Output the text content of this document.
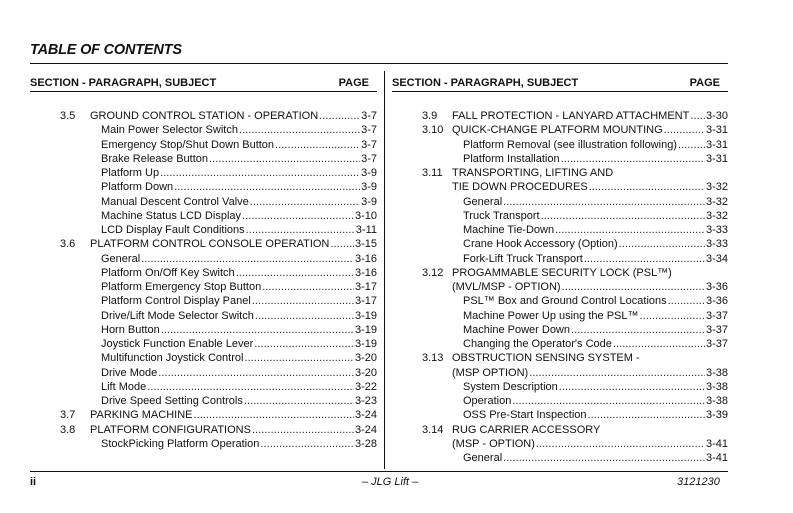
TABLE OF CONTENTS
SECTION - PARAGRAPH, SUBJECT	PAGE
3.5	GROUND CONTROL STATION - OPERATION . . .	3-7
Main Power Selector Switch . . .	3-7
Emergency Stop/Shut Down Button . . .	3-7
Brake Release Button . . .	3-7
Platform Up . . .	3-9
Platform Down . . .	3-9
Manual Descent Control Valve . . .	3-9
Machine Status LCD Display . . .	3-10
LCD Display Fault Conditions . . .	3-11
3.6	PLATFORM CONTROL CONSOLE OPERATION . . . 3-15
General . . .	3-16
Platform On/Off Key Switch . . .	3-16
Platform Emergency Stop Button . . .	3-17
Platform Control Display Panel . . .	3-17
Drive/Lift Mode Selector Switch . . .	3-19
Horn Button . . .	3-19
Joystick Function Enable Lever . . .	3-19
Multifunction Joystick Control . . .	3-20
Drive Mode . . .	3-20
Lift Mode . . .	3-22
Drive Speed Setting Controls . . .	3-23
3.7	PARKING MACHINE . . .	3-24
3.8	PLATFORM CONFIGURATIONS . . .	3-24
StockPicking Platform Operation . . .	3-28
SECTION - PARAGRAPH, SUBJECT	PAGE
3.9	FALL PROTECTION - LANYARD ATTACHMENT . . . 3-30
3.10 QUICK-CHANGE PLATFORM MOUNTING . . .	3-31
Platform Removal (see illustration following) . . .	3-31
Platform Installation . . .	3-31
3.11 TRANSPORTING, LIFTING AND
TIE DOWN PROCEDURES . . .	3-32
General . . .	3-32
Truck Transport . . .	3-32
Machine Tie-Down . . .	3-33
Crane Hook Accessory (Option) . . .	3-33
Fork-Lift Truck Transport . . .	3-34
3.12 PROGAMMABLE SECURITY LOCK (PSL™)
(MVL/MSP - OPTION) . . .	3-36
PSL™ Box and Ground Control Locations . . .	3-36
Machine Power Up using the PSL™ . . .	3-37
Machine Power Down . . .	3-37
Changing the Operator's Code . . .	3-37
3.13 OBSTRUCTION SENSING SYSTEM -
(MSP OPTION) . . .	3-38
System Description . . .	3-38
Operation . . .	3-38
OSS Pre-Start Inspection . . .	3-39
3.14 RUG CARRIER ACCESSORY
(MSP - OPTION) . . .	3-41
General . . .	3-41
ii	– JLG Lift –	3121230
